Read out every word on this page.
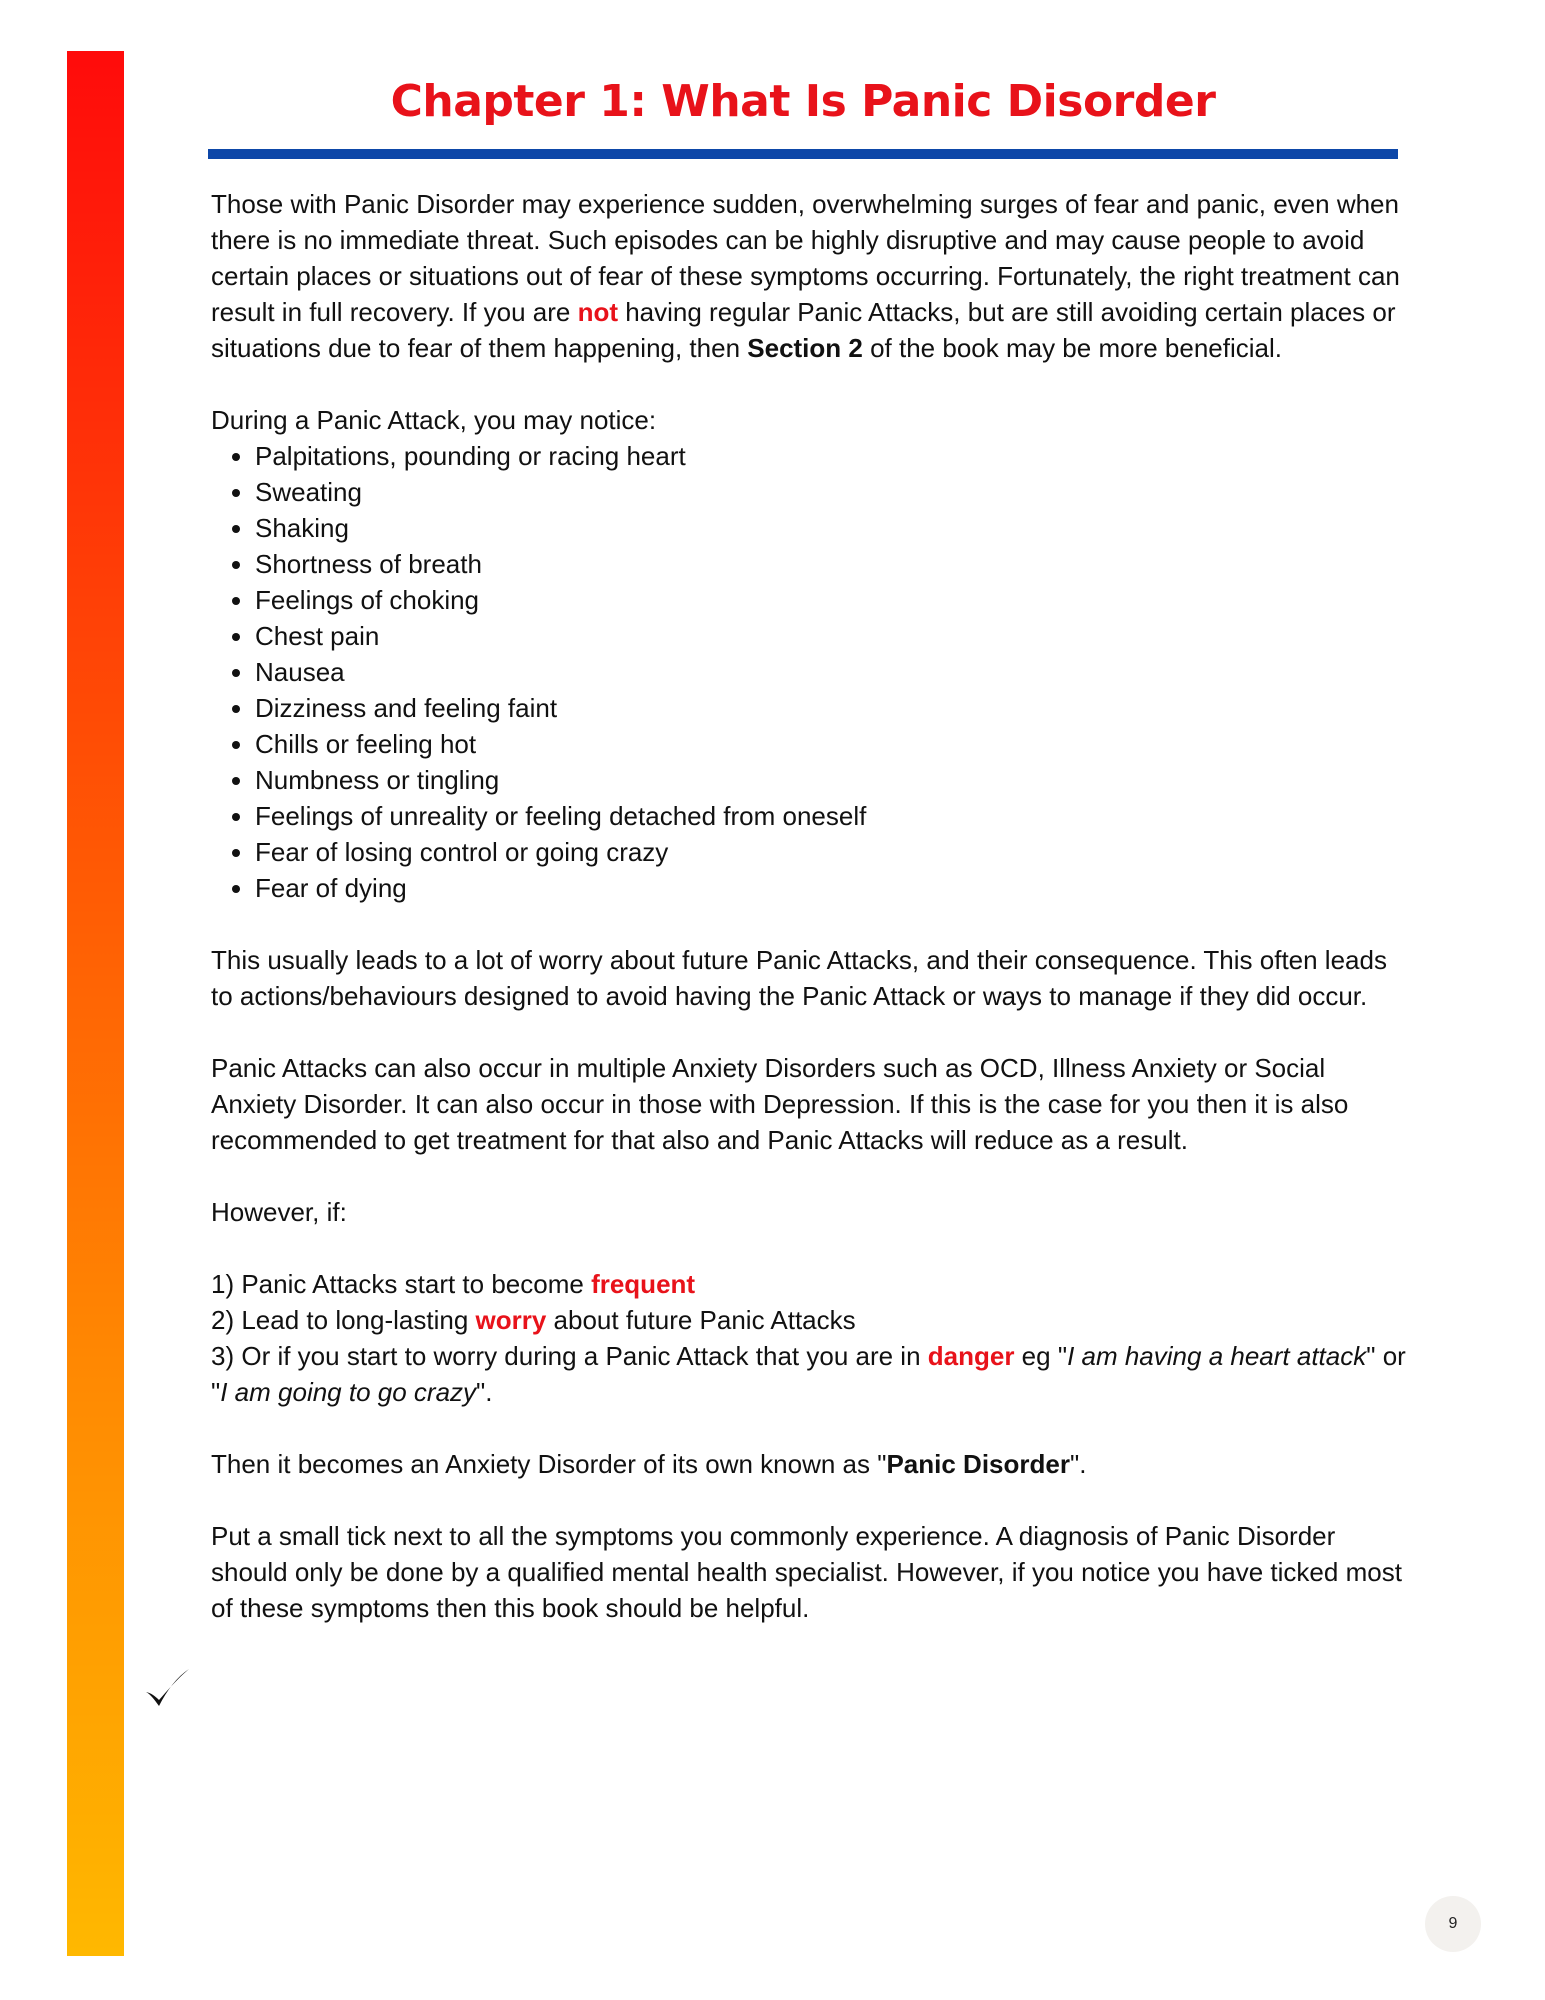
Chapter 1: What Is Panic Disorder

Those with Panic Disorder may experience sudden, overwhelming surges of fear and panic, even when there is no immediate threat. Such episodes can be highly disruptive and may cause people to avoid certain places or situations out of fear of these symptoms occurring. Fortunately, the right treatment can result in full recovery. If you are not having regular Panic Attacks, but are still avoiding certain places or situations due to fear of them happening, then Section 2 of the book may be more beneficial.

During a Panic Attack, you may notice:

• Palpitations, pounding or racing heart
• Sweating
• Shaking
• Shortness of breath
• Feelings of choking
• Chest pain
• Nausea
• Dizziness and feeling faint
• Chills or feeling hot
• Numbness or tingling
• Feelings of unreality or feeling detached from oneself
• Fear of losing control or going crazy
• Fear of dying

This usually leads to a lot of worry about future Panic Attacks, and their consequence. This often leads to actions/behaviours designed to avoid having the Panic Attack or ways to manage if they did occur.

Panic Attacks can also occur in multiple Anxiety Disorders such as OCD, Illness Anxiety or Social Anxiety Disorder. It can also occur in those with Depression. If this is the case for you then it is also recommended to get treatment for that also and Panic Attacks will reduce as a result.

However, if:

1) Panic Attacks start to become frequent

2) Lead to long-lasting worry about future Panic Attacks

3) Or if you start to worry during a Panic Attack that you are in danger eg "I am having a heart attack" or "I am going to go crazy".

Then it becomes an Anxiety Disorder of its own known as "Panic Disorder".

Put a small tick next to all the symptoms you commonly experience. A diagnosis of Panic Disorder should only be done by a qualified mental health specialist. However, if you notice you have ticked most of these symptoms then this book should be helpful.

9
